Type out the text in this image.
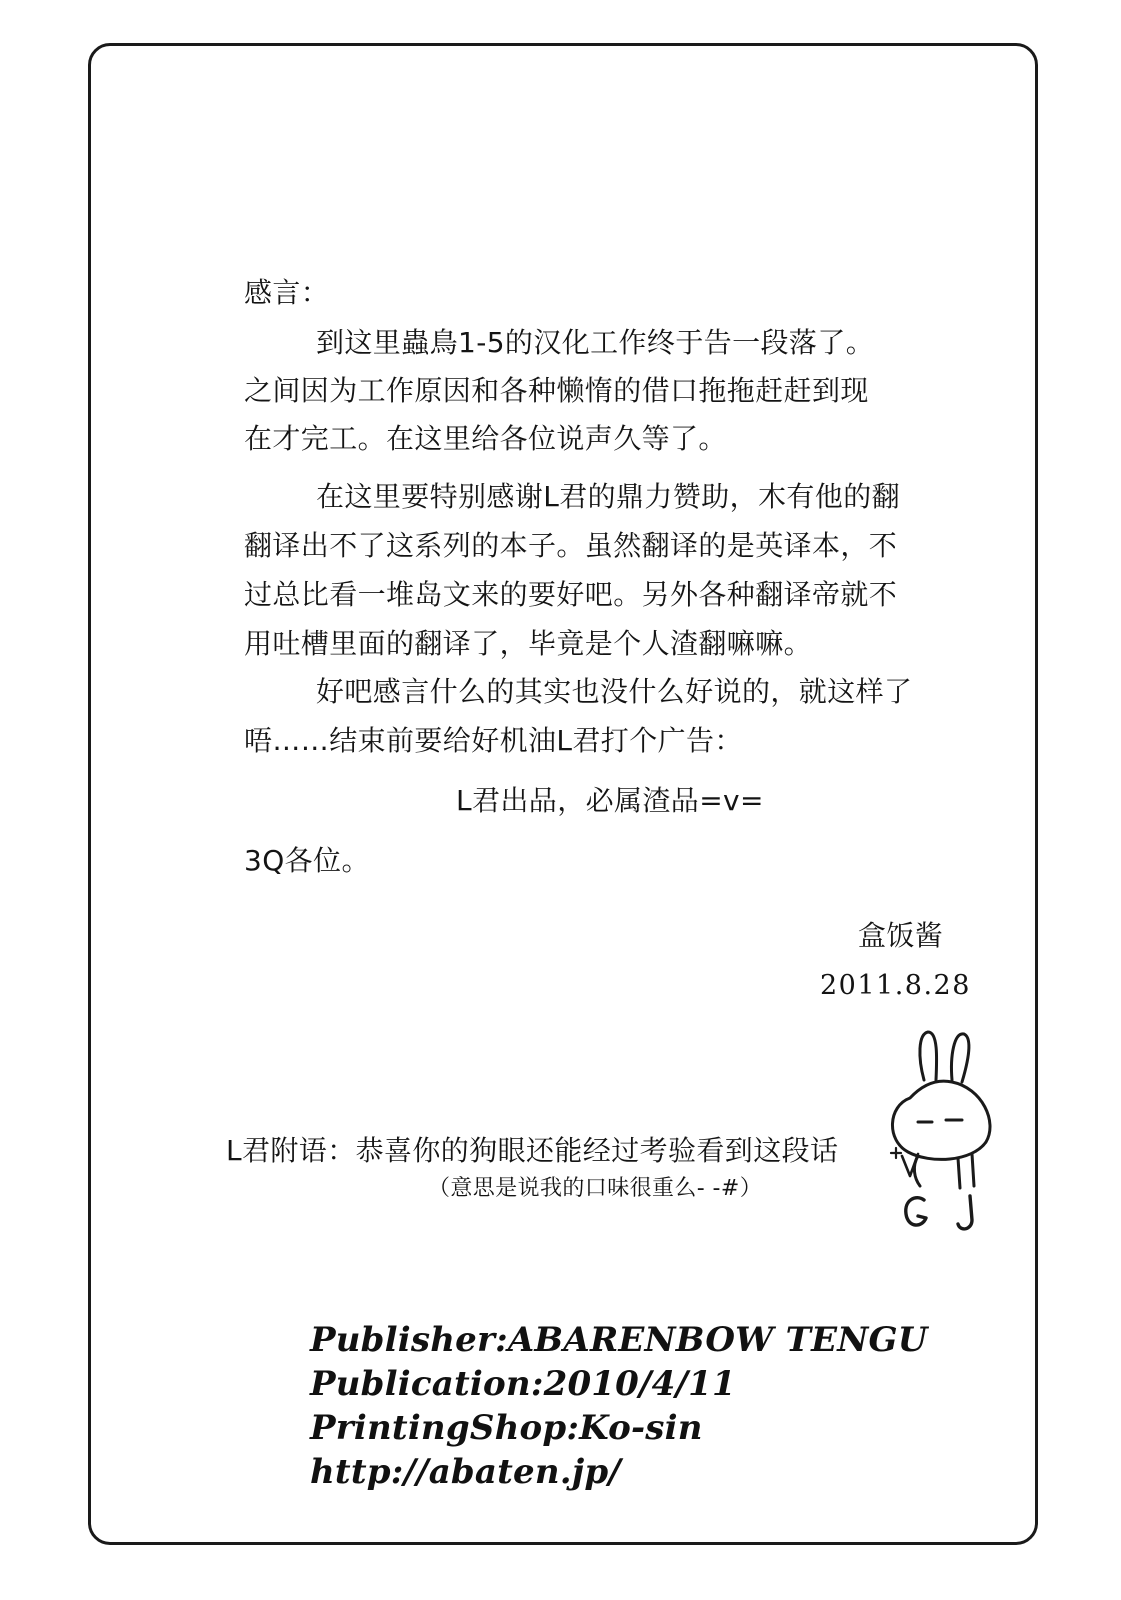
感言：
到这里蟲鳥1-5的汉化工作终于告一段落了。
之间因为工作原因和各种懒惰的借口拖拖赶赶到现
在才完工。在这里给各位说声久等了。
在这里要特别感谢L君的鼎力赞助，木有他的翻
翻译出不了这系列的本子。虽然翻译的是英译本，不
过总比看一堆岛文来的要好吧。另外各种翻译帝就不
用吐槽里面的翻译了，毕竟是个人渣翻嘛嘛。
好吧感言什么的其实也没什么好说的，就这样了
唔……结束前要给好机油L君打个广告：
L君出品，必属渣品=v=
3Q各位。
盒饭酱
2011.8.28
L君附语：恭喜你的狗眼还能经过考验看到这段话
（意思是说我的口味很重么- -#）
Publisher:ABARENBOW TENGU
Publication:2010/4/11
PrintingShop:Ko-sin
http://abaten.jp/
